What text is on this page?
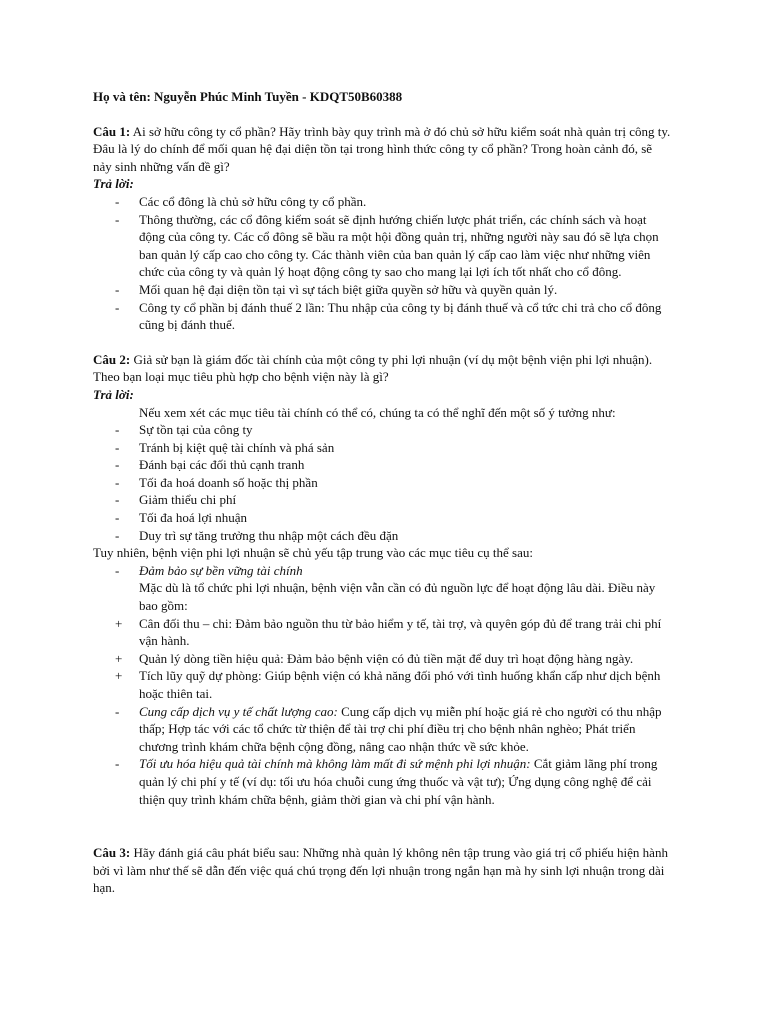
Họ và tên: Nguyễn Phúc Minh Tuyền - KDQT50B60388

Câu 1: Ai sở hữu công ty cổ phần? Hãy trình bày quy trình mà ở đó chủ sở hữu kiểm soát nhà quản trị công ty. Đâu là lý do chính để mối quan hệ đại diện tồn tại trong hình thức công ty cổ phần? Trong hoàn cảnh đó, sẽ nảy sinh những vấn đề gì?

Trả lời:

-	Các cổ đông là chủ sở hữu công ty cổ phần.
-	Thông thường, các cổ đông kiểm soát sẽ định hướng chiến lược phát triển, các chính sách và hoạt động của công ty. Các cổ đông sẽ bầu ra một hội đồng quản trị, những người này sau đó sẽ lựa chọn ban quản lý cấp cao cho công ty. Các thành viên của ban quản lý cấp cao làm việc như những viên chức của công ty và quản lý hoạt động công ty sao cho mang lại lợi ích tốt nhất cho cổ đông.
-	Mối quan hệ đại diện tồn tại vì sự tách biệt giữa quyền sở hữu và quyền quản lý.
-	Công ty cổ phần bị đánh thuế 2 lần: Thu nhập của công ty bị đánh thuế và cổ tức chi trả cho cổ đông cũng bị đánh thuế.

Câu 2: Giả sử bạn là giám đốc tài chính của một công ty phi lợi nhuận (ví dụ một bệnh viện phi lợi nhuận). Theo bạn loại mục tiêu phù hợp cho bệnh viện này là gì?

Trả lời:

Nếu xem xét các mục tiêu tài chính có thể có, chúng ta có thể nghĩ đến một số ý tưởng như:

-	Sự tồn tại của công ty
-	Tránh bị kiệt quệ tài chính và phá sản
-	Đánh bại các đối thủ cạnh tranh
-	Tối đa hoá doanh số hoặc thị phần
-	Giảm thiểu chi phí
-	Tối đa hoá lợi nhuận
-	Duy trì sự tăng trưởng thu nhập một cách đều đặn

Tuy nhiên, bệnh viện phi lợi nhuận sẽ chủ yếu tập trung vào các mục tiêu cụ thể sau:

-	Đảm bảo sự bền vững tài chính

Mặc dù là tổ chức phi lợi nhuận, bệnh viện vẫn cần có đủ nguồn lực để hoạt động lâu dài. Điều này bao gồm:

+	Cân đối thu – chi: Đảm bảo nguồn thu từ bảo hiểm y tế, tài trợ, và quyên góp đủ để trang trải chi phí vận hành.
+	Quản lý dòng tiền hiệu quả: Đảm bảo bệnh viện có đủ tiền mặt để duy trì hoạt động hàng ngày.
+	Tích lũy quỹ dự phòng: Giúp bệnh viện có khả năng đối phó với tình huống khẩn cấp như dịch bệnh hoặc thiên tai.
-	Cung cấp dịch vụ y tế chất lượng cao: Cung cấp dịch vụ miễn phí hoặc giá rẻ cho người có thu nhập thấp; Hợp tác với các tổ chức từ thiện để tài trợ chi phí điều trị cho bệnh nhân nghèo; Phát triển chương trình khám chữa bệnh cộng đồng, nâng cao nhận thức về sức khỏe.
-	Tối ưu hóa hiệu quả tài chính mà không làm mất đi sứ mệnh phi lợi nhuận: Cắt giảm lãng phí trong quản lý chi phí y tế (ví dụ: tối ưu hóa chuỗi cung ứng thuốc và vật tư); Ứng dụng công nghệ để cải thiện quy trình khám chữa bệnh, giảm thời gian và chi phí vận hành.

Câu 3: Hãy đánh giá câu phát biểu sau: Những nhà quản lý không nên tập trung vào giá trị cổ phiếu hiện hành bởi vì làm như thế sẽ dẫn đến việc quá chú trọng đến lợi nhuận trong ngắn hạn mà hy sinh lợi nhuận trong dài hạn.
